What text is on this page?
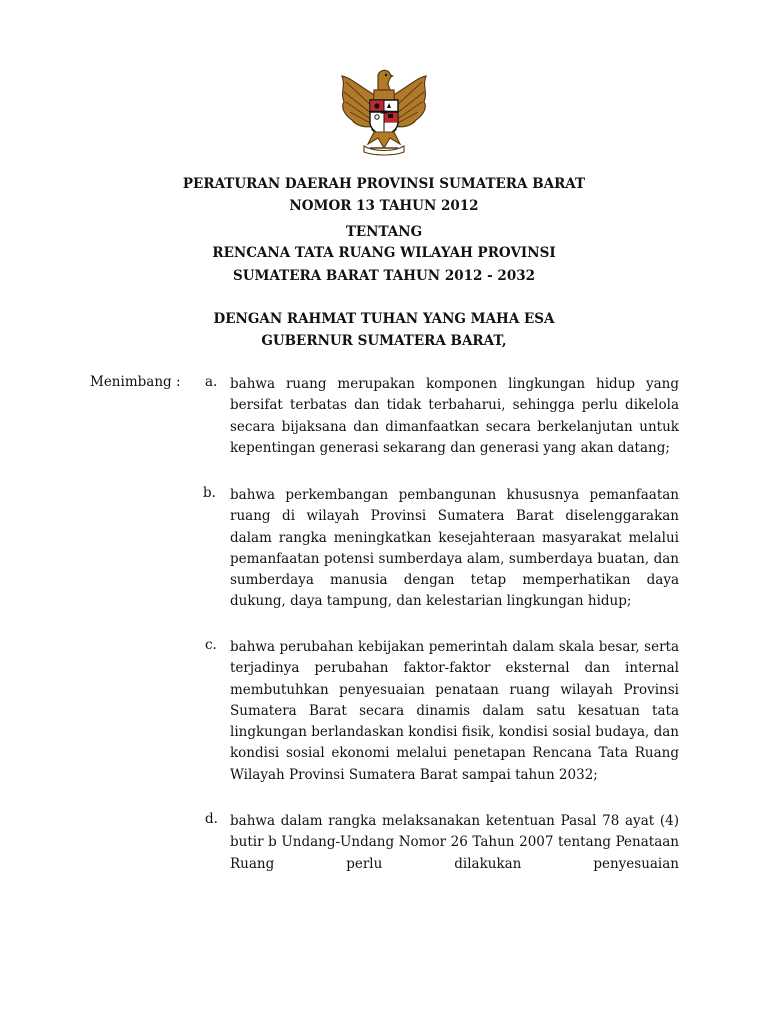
PERATURAN DAERAH PROVINSI SUMATERA BARAT
NOMOR 13 TAHUN 2012
TENTANG
RENCANA TATA RUANG WILAYAH PROVINSI
SUMATERA BARAT TAHUN 2012 - 2032
DENGAN RAHMAT TUHAN YANG MAHA ESA
GUBERNUR SUMATERA BARAT,
Menimbang : a. bahwa ruang merupakan komponen lingkungan hidup yang bersifat terbatas dan tidak terbaharui, sehingga perlu dikelola secara bijaksana dan dimanfaatkan secara berkelanjutan untuk kepentingan generasi sekarang dan generasi yang akan datang;
b. bahwa perkembangan pembangunan khususnya pemanfaatan ruang di wilayah Provinsi Sumatera Barat diselenggarakan dalam rangka meningkatkan kesejahteraan masyarakat melalui pemanfaatan potensi sumberdaya alam, sumberdaya buatan, dan sumberdaya manusia dengan tetap memperhatikan daya dukung, daya tampung, dan kelestarian lingkungan hidup;
c. bahwa perubahan kebijakan pemerintah dalam skala besar, serta terjadinya perubahan faktor-faktor eksternal dan internal membutuhkan penyesuaian penataan ruang wilayah Provinsi Sumatera Barat secara dinamis dalam satu kesatuan tata lingkungan berlandaskan kondisi fisik, kondisi sosial budaya, dan kondisi sosial ekonomi melalui penetapan Rencana Tata Ruang Wilayah Provinsi Sumatera Barat sampai tahun 2032;
d. bahwa dalam rangka melaksanakan ketentuan Pasal 78 ayat (4) butir b Undang-Undang Nomor 26 Tahun 2007 tentang Penataan Ruang perlu dilakukan penyesuaian
